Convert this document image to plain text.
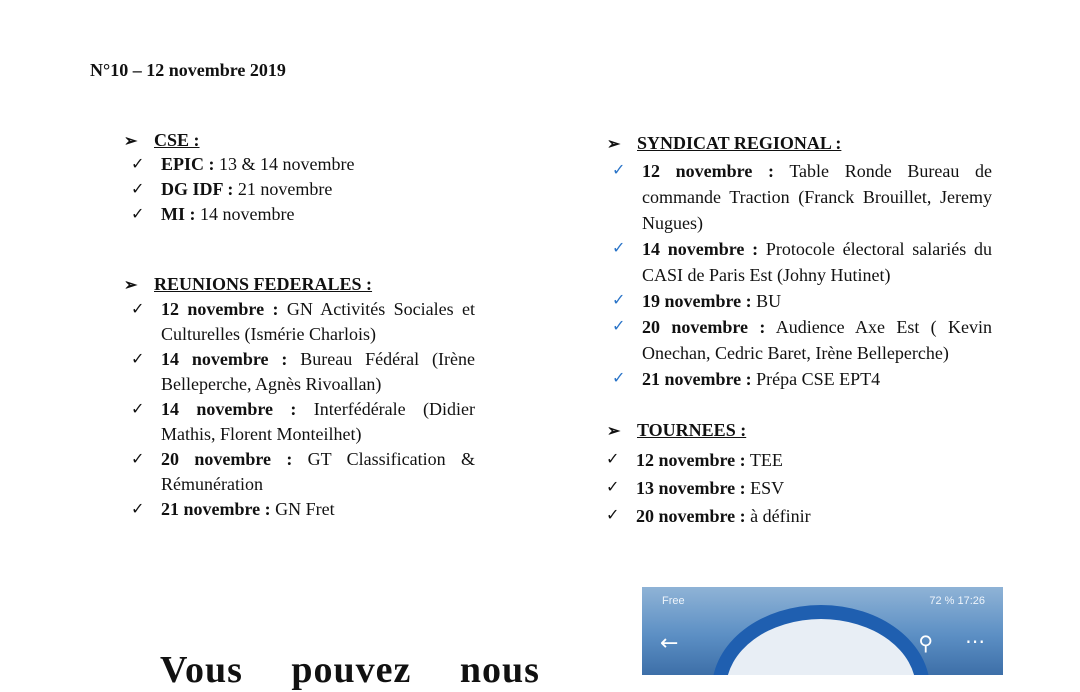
N°10 – 12 novembre 2019
➢ CSE :
✓ EPIC : 13 & 14 novembre
✓ DG IDF : 21 novembre
✓ MI : 14 novembre
➢ REUNIONS FEDERALES :
✓ 12 novembre : GN Activités Sociales et Culturelles (Ismérie Charlois)
✓ 14 novembre : Bureau Fédéral (Irène Belleperche, Agnès Rivoallan)
✓ 14 novembre : Interfédérale (Didier Mathis, Florent Monteilhet)
✓ 20 novembre : GT Classification & Rémunération
✓ 21 novembre : GN Fret
➢ SYNDICAT REGIONAL :
✓ 12 novembre : Table Ronde Bureau de commande Traction (Franck Brouillet, Jeremy Nugues)
✓ 14 novembre : Protocole électoral salariés du CASI de Paris Est (Johny Hutinet)
✓ 19 novembre : BU
✓ 20 novembre : Audience Axe Est ( Kevin Onechan, Cedric Baret, Irène Belleperche)
✓ 21 novembre : Prépa CSE EPT4
➢ TOURNEES :
✓ 12 novembre : TEE
✓ 13 novembre : ESV
✓ 20 novembre : à définir
Vous pouvez nous
Free	72 % 17:26
←	⚲ ⋯
